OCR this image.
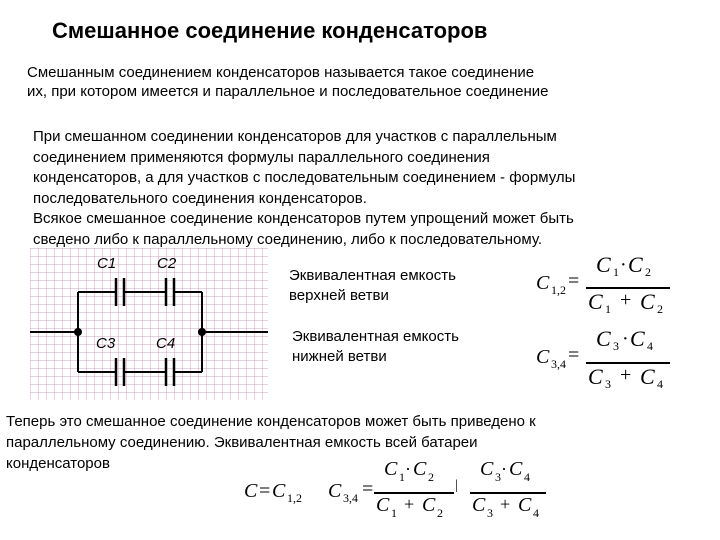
Смешанное соединение конденсаторов
Смешанным соединением конденсаторов называется такое соединение
их, при котором имеется и параллельное и последовательное соединение
При смешанном соединении конденсаторов для участков с параллельным
соединением применяются формулы параллельного соединения
конденсаторов, а для участков с последовательным соединением - формулы
последовательного соединения конденсаторов.
Всякое смешанное соединение конденсаторов путем упрощений может быть
сведено либо к параллельному соединению, либо к последовательному.
C1	C2
C3	C4
Эквивалентная емкость
верхней ветви
C 1,2 =
C 1 · C 2
C 1 + C 2
Эквивалентная емкость
нижней ветви	C 3,4 =
C 3 · C 4
C 3 + C 4
Теперь это смешанное соединение конденсаторов может быть приведено к
параллельному соединению. Эквивалентная емкость всей батареи
конденсаторов
C = C 1,2 C 3,4 =
C 1 · C 2
C 1 + C 2
|
C 3 · C 4
C 3 + C 4
